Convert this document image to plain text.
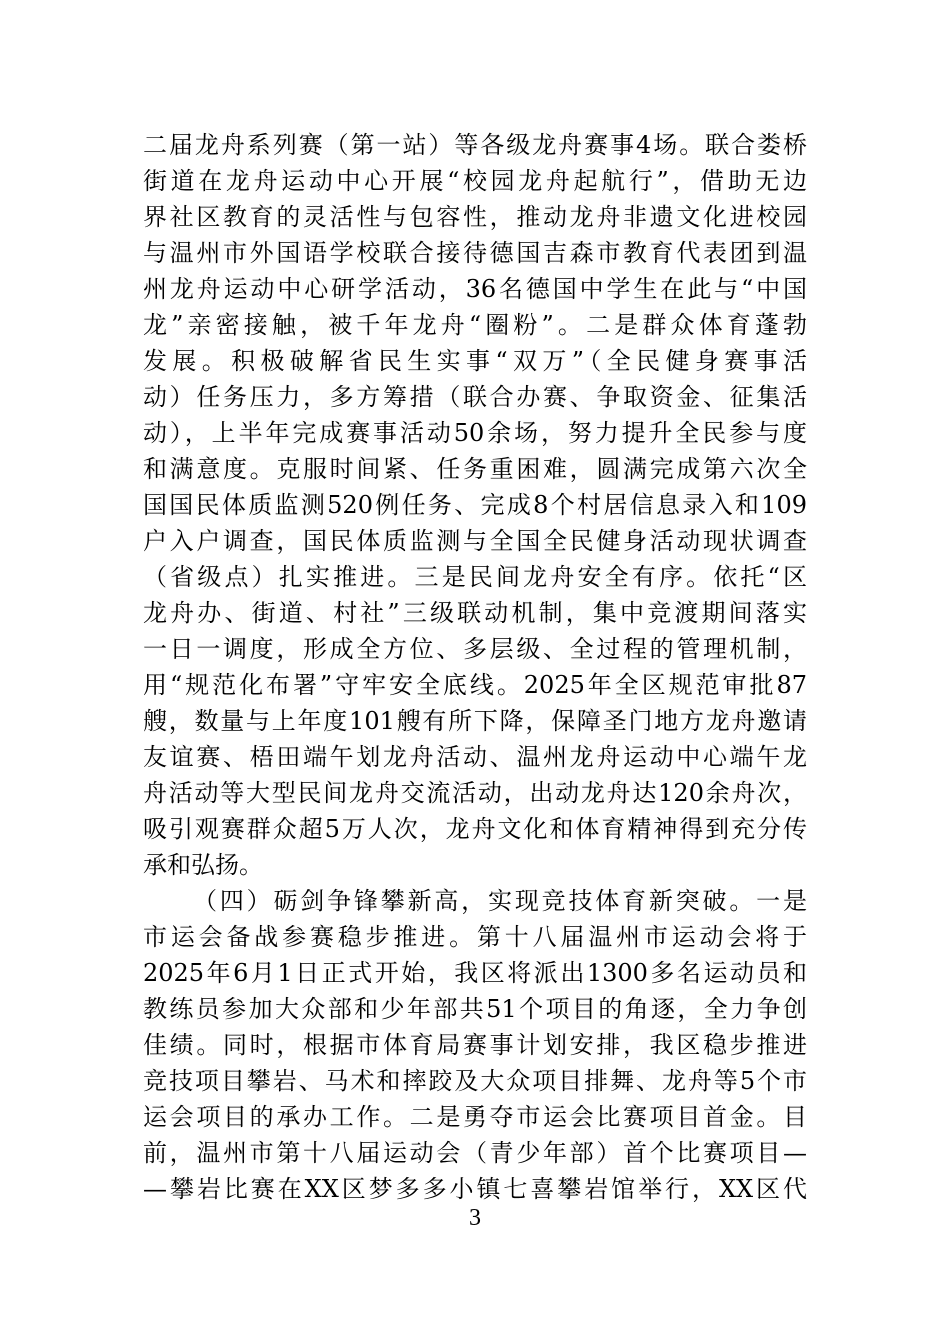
二届龙舟系列赛（第一站）等各级龙舟赛事4场。联合娄桥
街道在龙舟运动中心开展“校园龙舟起航行”，借助无边
界社区教育的灵活性与包容性，推动龙舟非遗文化进校园
与温州市外国语学校联合接待德国吉森市教育代表团到温
州龙舟运动中心研学活动，36名德国中学生在此与“中国
龙”亲密接触，被千年龙舟“圈粉”。二是群众体育蓬勃
发展。积极破解省民生实事“双万”（全民健身赛事活
动）任务压力，多方筹措（联合办赛、争取资金、征集活
动），上半年完成赛事活动50余场，努力提升全民参与度
和满意度。克服时间紧、任务重困难，圆满完成第六次全
国国民体质监测520例任务、完成8个村居信息录入和109
户入户调查，国民体质监测与全国全民健身活动现状调查
（省级点）扎实推进。三是民间龙舟安全有序。依托“区
龙舟办、街道、村社”三级联动机制，集中竞渡期间落实
一日一调度，形成全方位、多层级、全过程的管理机制，
用“规范化布署”守牢安全底线。2025年全区规范审批87
艘，数量与上年度101艘有所下降，保障圣门地方龙舟邀请
友谊赛、梧田端午划龙舟活动、温州龙舟运动中心端午龙
舟活动等大型民间龙舟交流活动，出动龙舟达120余舟次，
吸引观赛群众超5万人次，龙舟文化和体育精神得到充分传
承和弘扬。
（四）砺剑争锋攀新高，实现竞技体育新突破。一是
市运会备战参赛稳步推进。第十八届温州市运动会将于
2025年6月1日正式开始，我区将派出1300多名运动员和
教练员参加大众部和少年部共51个项目的角逐，全力争创
佳绩。同时，根据市体育局赛事计划安排，我区稳步推进
竞技项目攀岩、马术和摔跤及大众项目排舞、龙舟等5个市
运会项目的承办工作。二是勇夺市运会比赛项目首金。目
前，温州市第十八届运动会（青少年部）首个比赛项目—
—攀岩比赛在XX区梦多多小镇七喜攀岩馆举行，XX区代
3
